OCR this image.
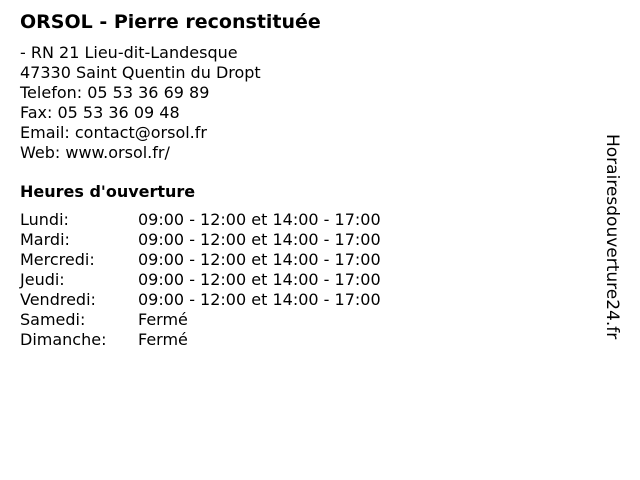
ORSOL - Pierre reconstituée
- RN 21 Lieu-dit-Landesque
47330 Saint Quentin du Dropt
Telefon: 05 53 36 69 89
Fax: 05 53 36 09 48
Email: contact@orsol.fr
Web: www.orsol.fr/
Heures d'ouverture
Lundi:	09:00 - 12:00 et 14:00 - 17:00
Mardi:	09:00 - 12:00 et 14:00 - 17:00
Mercredi:	09:00 - 12:00 et 14:00 - 17:00
Jeudi:	09:00 - 12:00 et 14:00 - 17:00
Vendredi:	09:00 - 12:00 et 14:00 - 17:00
Samedi:	Fermé
Dimanche:	Fermé
Horairesdouverture24.fr
